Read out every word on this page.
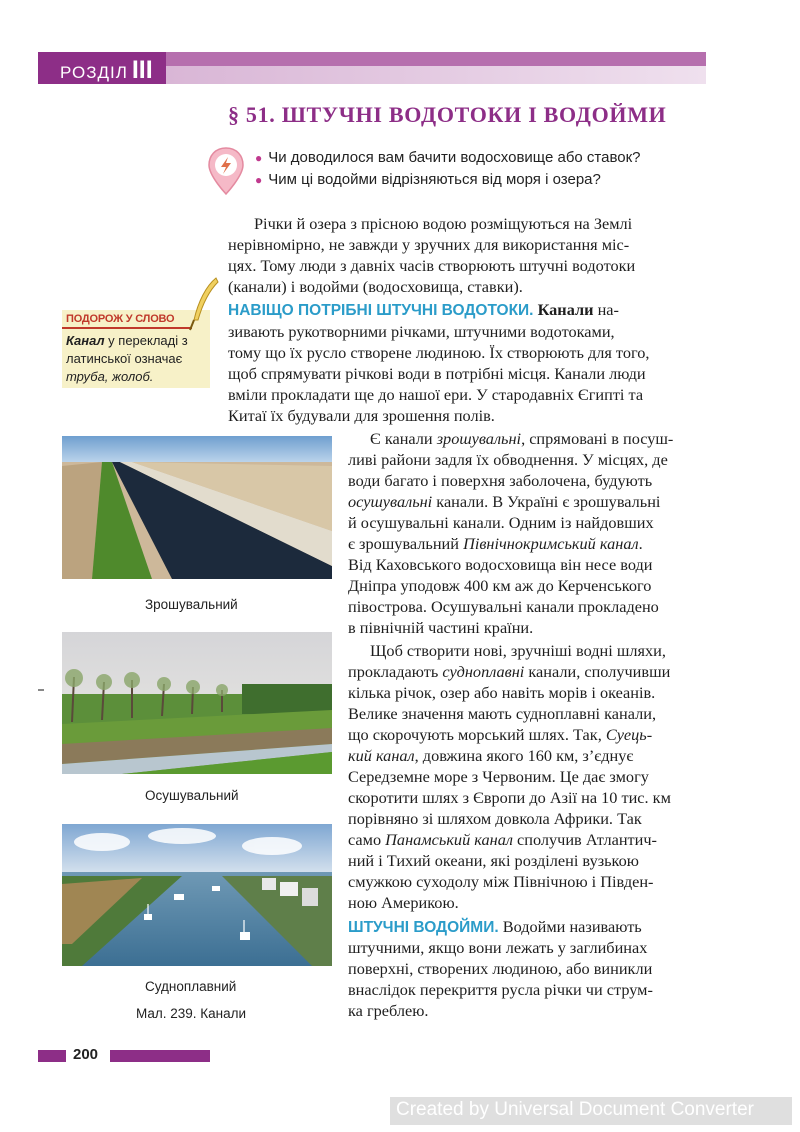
РОЗДІЛ III
§ 51. ШТУЧНІ ВОДОТОКИ І ВОДОЙМИ
● Чи доводилося вам бачити водосховище або ставок?
● Чим ці водойми відрізняються від моря і озера?
Річки й озера з прісною водою розміщуються на Землі
нерівномірно, не завжди у зручних для використання міс-
цях. Тому люди з давніх часів створюють штучні водотоки
(канали) і водойми (водосховища, ставки).
НАВІЩО ПОТРІБНІ ШТУЧНІ ВОДОТОКИ. Канали на-
зивають рукотворними річками, штучними водотоками,
тому що їх русло створене людиною. Їх створюють для того,
щоб спрямувати річкові води в потрібні місця. Канали люди
вміли прокладати ще до нашої ери. У стародавніх Єгипті та
Китаї їх будували для зрошення полів.
Є канали зрошувальні, спрямовані в посуш-
ливі райони задля їх обводнення. У місцях, де
води багато і поверхня заболочена, будують
осушувальні канали. В Україні є зрошувальні
й осушувальні канали. Одним із найдовших
є зрошувальний Північнокримський канал.
Від Каховського водосховища він несе води
Дніпра уподовж 400 км аж до Керченського
півострова. Осушувальні канали прокладено
в північній частині країни.
Щоб створити нові, зручніші водні шляхи,
прокладають судноплавні канали, сполучивши
кілька річок, озер або навіть морів і океанів.
Велике значення мають судноплавні канали,
що скорочують морський шлях. Так, Суець-
кий канал, довжина якого 160 км, з’єднує
Середземне море з Червоним. Це дає змогу
скоротити шлях з Європи до Азії на 10 тис. км
порівняно зі шляхом довкола Африки. Так
само Панамський канал сполучив Атлантич-
ний і Тихий океани, які розділені вузькою
смужкою суходолу між Північною і Півден-
ною Америкою.
ШТУЧНІ ВОДОЙМИ. Водойми називають
штучними, якщо вони лежать у заглибинах
поверхні, створених людиною, або виникли
внаслідок перекриття русла річки чи струм-
ка греблею.
ПОДОРОЖ У СЛОВО
Канал у перекладі з
латинської означає
труба, жолоб.
Зрошувальний
Осушувальний
Судноплавний
Мал. 239. Канали
200
Created by Universal Document Converter
